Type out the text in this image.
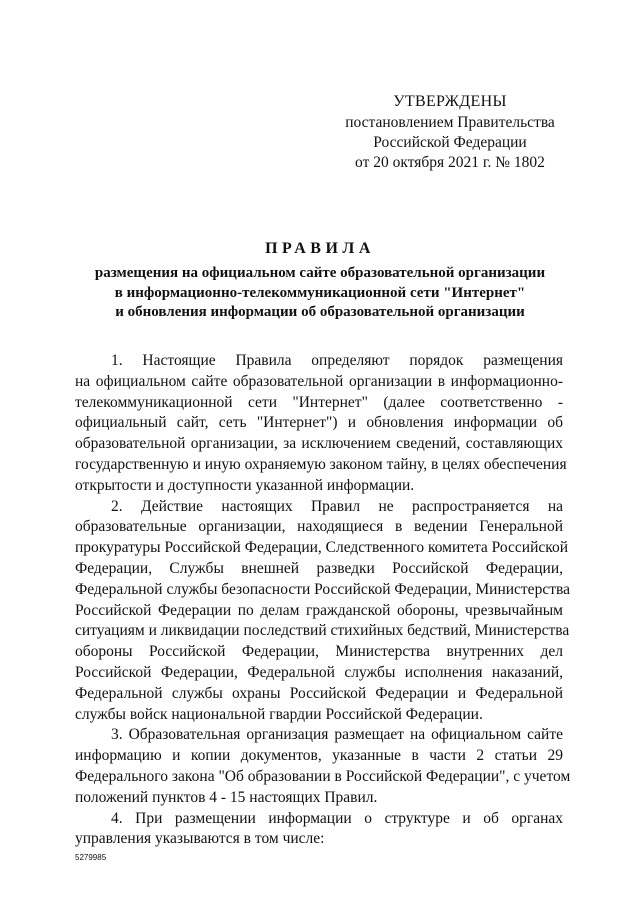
УТВЕРЖДЕНЫ
постановлением Правительства
Российской Федерации
от 20 октября 2021 г. № 1802
ПРАВИЛА
размещения на официальном сайте образовательной организации
в информационно-телекоммуникационной сети "Интернет"
и обновления информации об образовательной организации

1. Настоящие Правила определяют порядок размещения
на официальном сайте образовательной организации в информационно-
телекоммуникационной сети "Интернет" (далее соответственно -
официальный сайт, сеть "Интернет") и обновления информации об
образовательной организации, за исключением сведений, составляющих
государственную и иную охраняемую законом тайну, в целях обеспечения
открытости и доступности указанной информации.

2. Действие настоящих Правил не распространяется на
образовательные организации, находящиеся в ведении Генеральной
прокуратуры Российской Федерации, Следственного комитета Российской
Федерации, Службы внешней разведки Российской Федерации,
Федеральной службы безопасности Российской Федерации, Министерства
Российской Федерации по делам гражданской обороны, чрезвычайным
ситуациям и ликвидации последствий стихийных бедствий, Министерства
обороны Российской Федерации, Министерства внутренних дел
Российской Федерации, Федеральной службы исполнения наказаний,
Федеральной службы охраны Российской Федерации и Федеральной
службы войск национальной гвардии Российской Федерации.

3. Образовательная организация размещает на официальном сайте
информацию и копии документов, указанные в части 2 статьи 29
Федерального закона "Об образовании в Российской Федерации", с учетом
положений пунктов 4 - 15 настоящих Правил.

4. При размещении информации о структуре и об органах
управления указываются в том числе:

5279985
